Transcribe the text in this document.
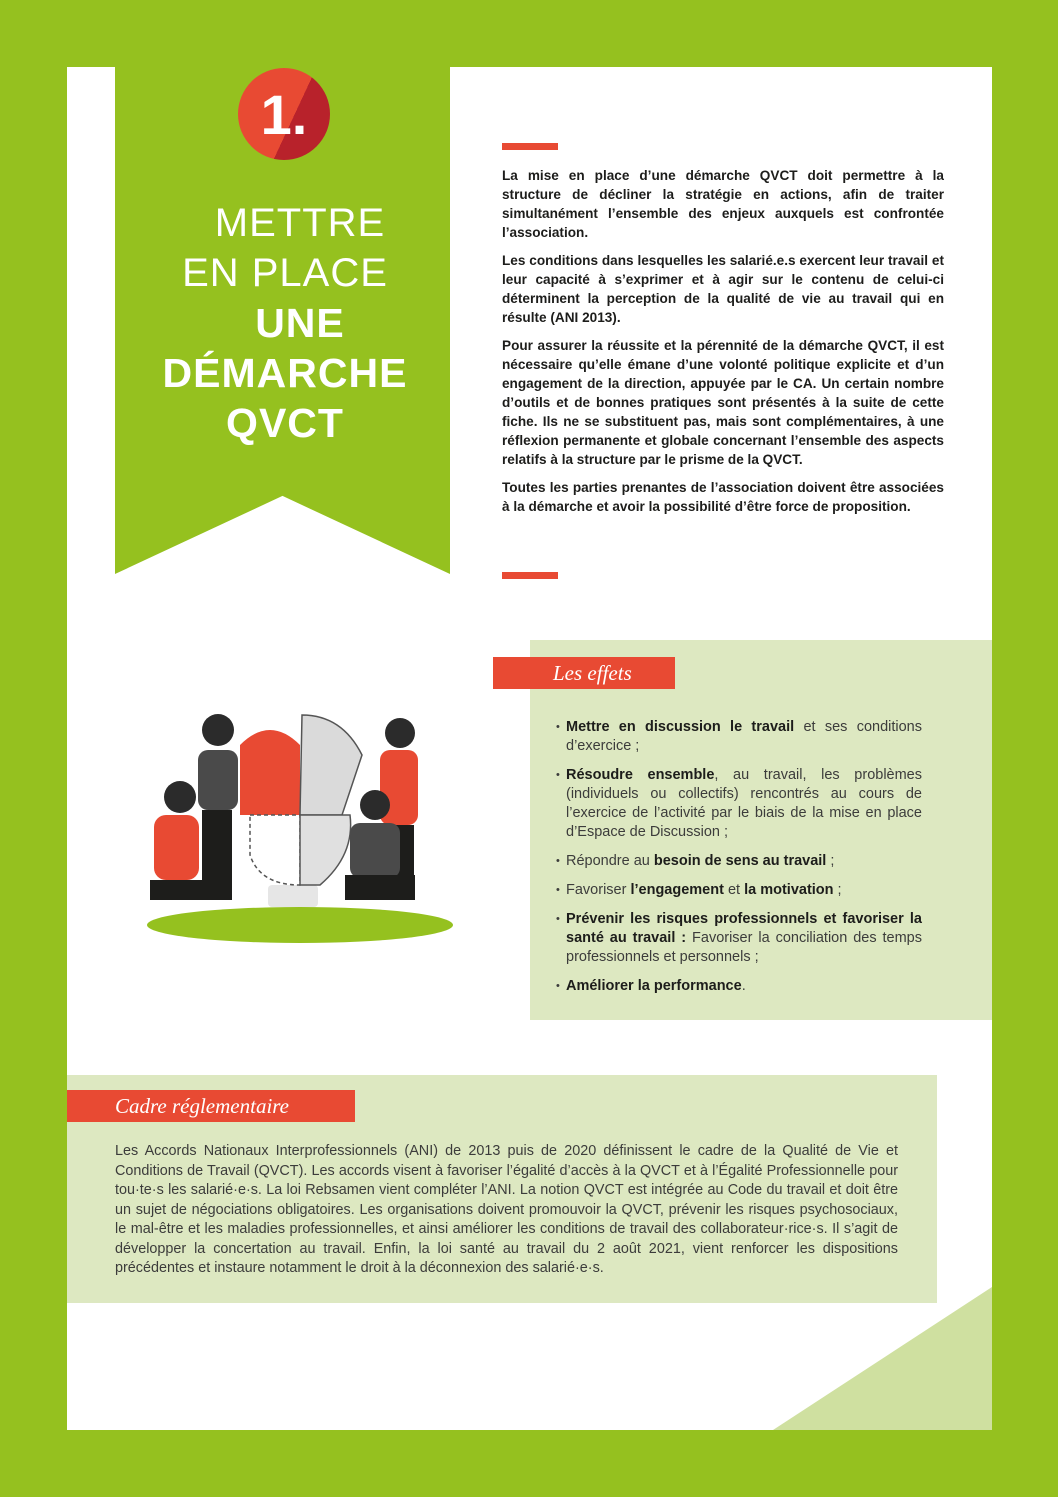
1.
METTRE
EN PLACE
UNE
DÉMARCHE
QVCT

La mise en place d’une démarche QVCT doit permettre à la structure de décliner la stratégie en actions, afin de traiter simultanément l’ensemble des enjeux auxquels est confrontée l’association.

Les conditions dans lesquelles les salarié.e.s exercent leur travail et leur capacité à s’exprimer et à agir sur le contenu de celui-ci déterminent la perception de la qualité de vie au travail qui en résulte (ANI 2013).

Pour assurer la réussite et la pérennité de la démarche QVCT, il est nécessaire qu’elle émane d’une volonté politique explicite et d’un engagement de la direction, appuyée par le CA. Un certain nombre d’outils et de bonnes pratiques sont présentés à la suite de cette fiche. Ils ne se substituent pas, mais sont complémentaires, à une réflexion permanente et globale concernant l’ensemble des aspects relatifs à la structure par le prisme de la QVCT.

Toutes les parties prenantes de l’association doivent être associées à la démarche et avoir la possibilité d’être force de proposition.

Les effets
• Mettre en discussion le travail et ses conditions d’exercice ;
• Résoudre ensemble, au travail, les problèmes (individuels ou collectifs) rencontrés au cours de l’exercice de l’activité par le biais de la mise en place d’Espace de Discussion ;
• Répondre au besoin de sens au travail ;
• Favoriser l’engagement et la motivation ;
• Prévenir les risques professionnels et favoriser la santé au travail : Favoriser la conciliation des temps professionnels et personnels ;
• Améliorer la performance.
Cadre réglementaire

Les Accords Nationaux Interprofessionnels (ANI) de 2013 puis de 2020 définissent le cadre de la Qualité de Vie et Conditions de Travail (QVCT). Les accords visent à favoriser l’égalité d’accès à la QVCT et à l’Égalité Professionnelle pour tou·te·s les salarié·e·s. La loi Rebsamen vient compléter l’ANI. La notion QVCT est intégrée au Code du travail et doit être un sujet de négociations obligatoires. Les organisations doivent promouvoir la QVCT, prévenir les risques psychosociaux, le mal-être et les maladies professionnelles, et ainsi améliorer les conditions de travail des collaborateur·rice·s. Il s’agit de développer la concertation au travail. Enfin, la loi santé au travail du 2 août 2021, vient renforcer les dispositions précédentes et instaure notamment le droit à la déconnexion des salarié·e·s.
